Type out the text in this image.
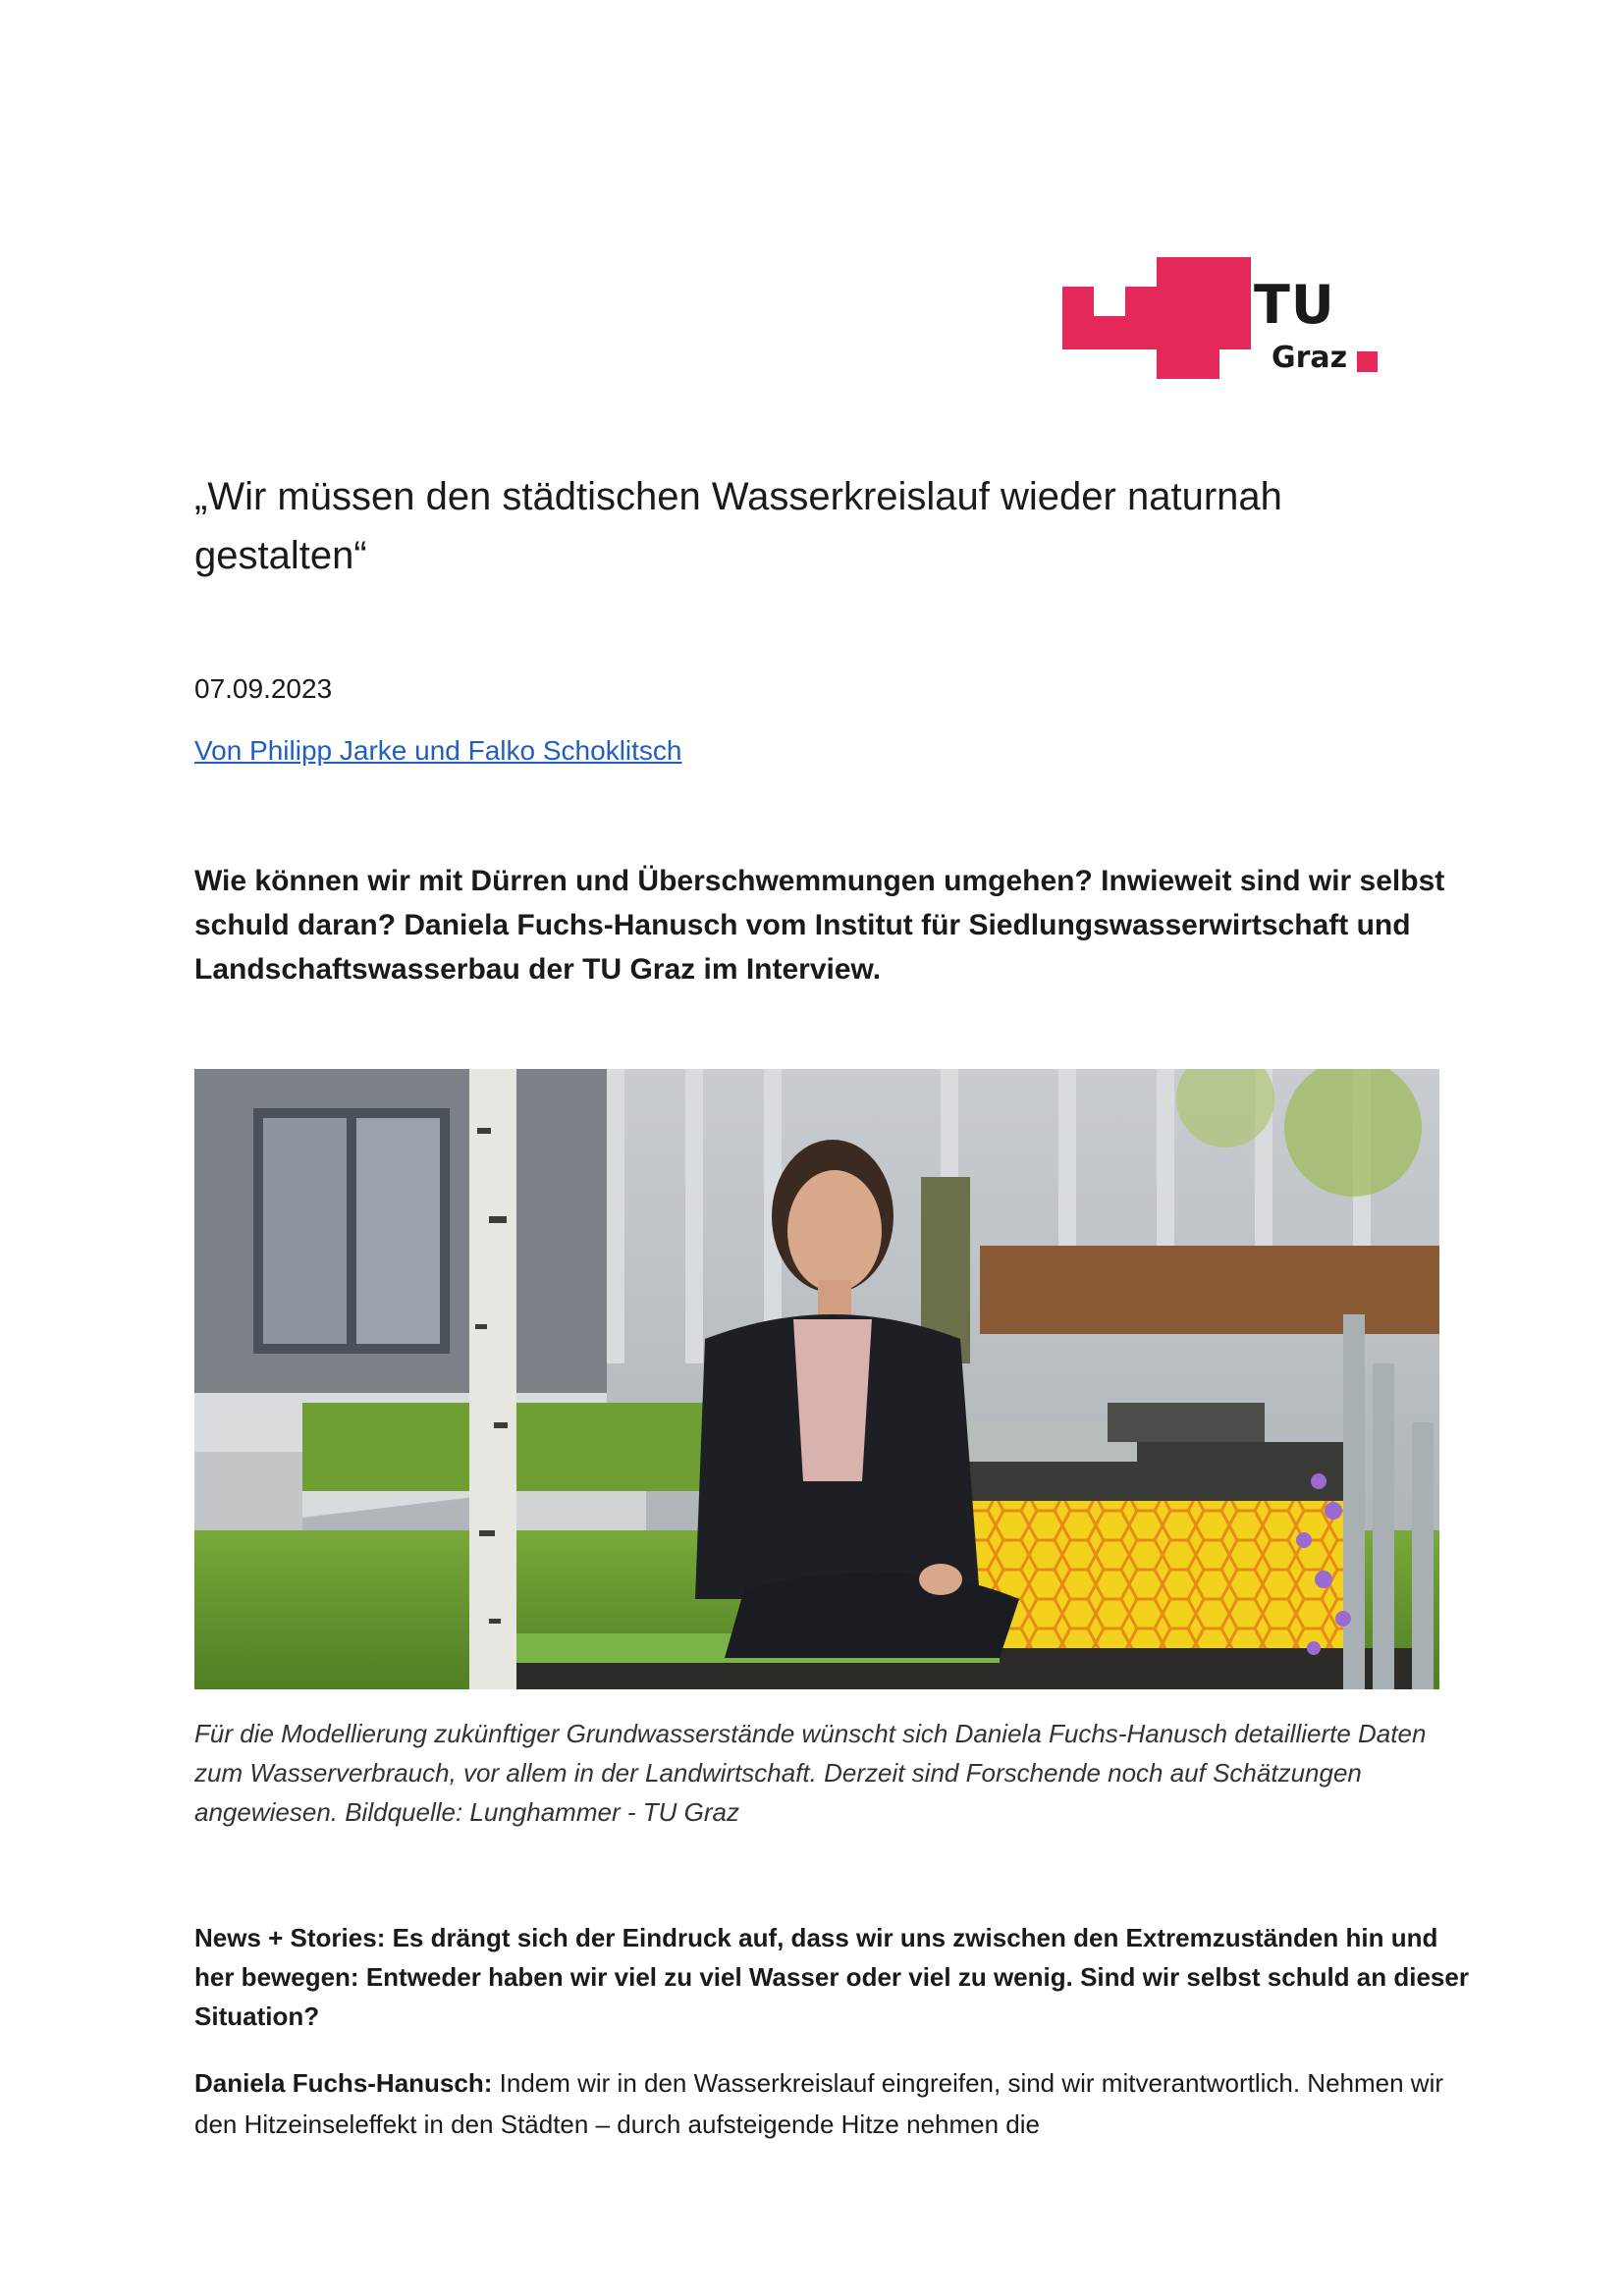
TU
Graz
„Wir müssen den städtischen Wasserkreislauf wieder naturnah gestalten“
07.09.2023
Von Philipp Jarke und Falko Schoklitsch

Wie können wir mit Dürren und Überschwemmungen umgehen? Inwieweit sind wir selbst schuld daran? Daniela Fuchs-Hanusch vom Institut für Siedlungswasserwirtschaft und Landschaftswasserbau der TU Graz im Interview.

Für die Modellierung zukünftiger Grundwasserstände wünscht sich Daniela Fuchs-Hanusch detaillierte Daten zum Wasserverbrauch, vor allem in der Landwirtschaft. Derzeit sind Forschende noch auf Schätzungen angewiesen. Bildquelle: Lunghammer - TU Graz

News + Stories: Es drängt sich der Eindruck auf, dass wir uns zwischen den Extremzuständen hin und her bewegen: Entweder haben wir viel zu viel Wasser oder viel zu wenig. Sind wir selbst schuld an dieser Situation?

Daniela Fuchs-Hanusch: Indem wir in den Wasserkreislauf eingreifen, sind wir mitverantwortlich. Nehmen wir den Hitzeinseleffekt in den Städten – durch aufsteigende Hitze nehmen die
